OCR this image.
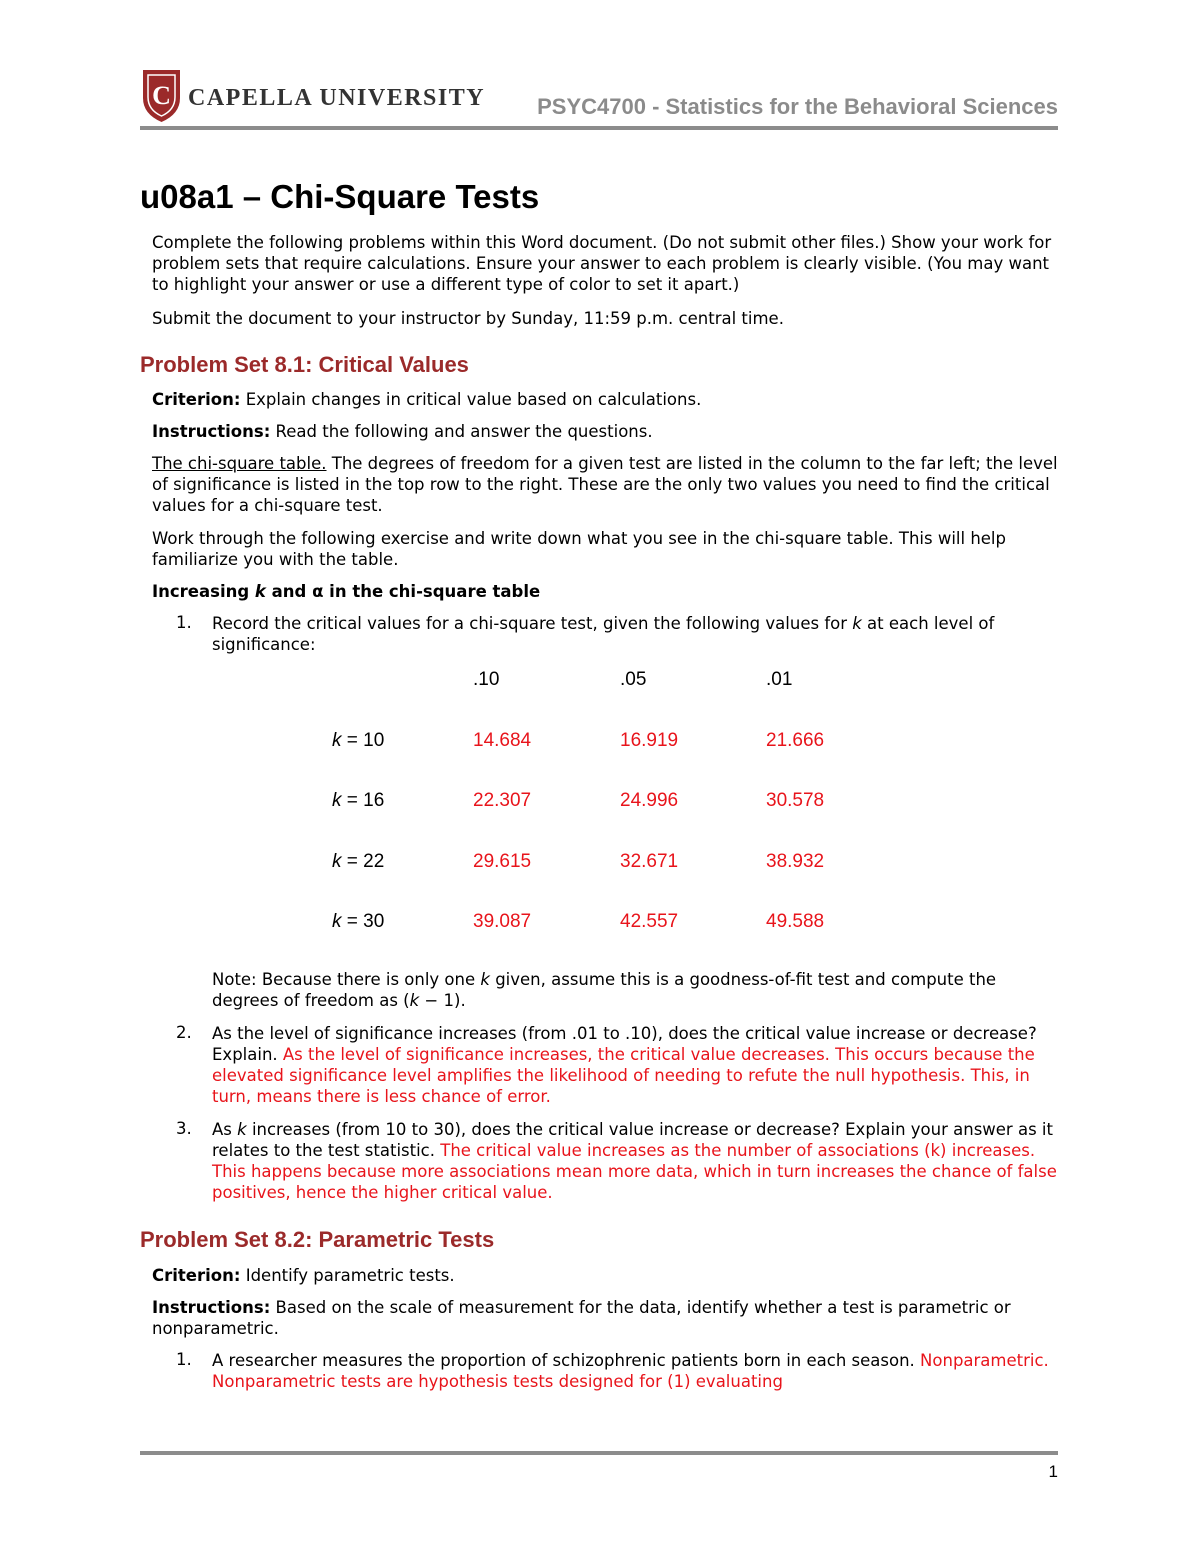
C CAPELLA UNIVERSITY PSYC4700 - Statistics for the Behavioral Sciences
u08a1 – Chi-Square Tests

Complete the following problems within this Word document. (Do not submit other files.) Show your work for problem sets that require calculations. Ensure your answer to each problem is clearly visible. (You may want to highlight your answer or use a different type of color to set it apart.)

Submit the document to your instructor by Sunday, 11:59 p.m. central time.

Problem Set 8.1: Critical Values

Criterion: Explain changes in critical value based on calculations.

Instructions: Read the following and answer the questions.

The chi-square table. The degrees of freedom for a given test are listed in the column to the far left; the level of significance is listed in the top row to the right. These are the only two values you need to find the critical values for a chi-square test.

Work through the following exercise and write down what you see in the chi-square table. This will help familiarize you with the table.

Increasing k and α in the chi-square table

1. Record the critical values for a chi-square test, given the following values for k at each level of significance:

.10	.05	.01
k = 10	14.684	16.919	21.666
k = 16	22.307	24.996	30.578
k = 22	29.615	32.671	38.932
k = 30	39.087	42.557	49.588

Note: Because there is only one k given, assume this is a goodness-of-fit test and compute the degrees of freedom as (k − 1).

2. As the level of significance increases (from .01 to .10), does the critical value increase or decrease? Explain. As the level of significance increases, the critical value decreases. This occurs because the elevated significance level amplifies the likelihood of needing to refute the null hypothesis. This, in turn, means there is less chance of error.

3. As k increases (from 10 to 30), does the critical value increase or decrease? Explain your answer as it relates to the test statistic. The critical value increases as the number of associations (k) increases. This happens because more associations mean more data, which in turn increases the chance of false positives, hence the higher critical value.

Problem Set 8.2: Parametric Tests

Criterion: Identify parametric tests.

Instructions: Based on the scale of measurement for the data, identify whether a test is parametric or nonparametric.

1. A researcher measures the proportion of schizophrenic patients born in each season. Nonparametric. Nonparametric tests are hypothesis tests designed for (1) evaluating

1
